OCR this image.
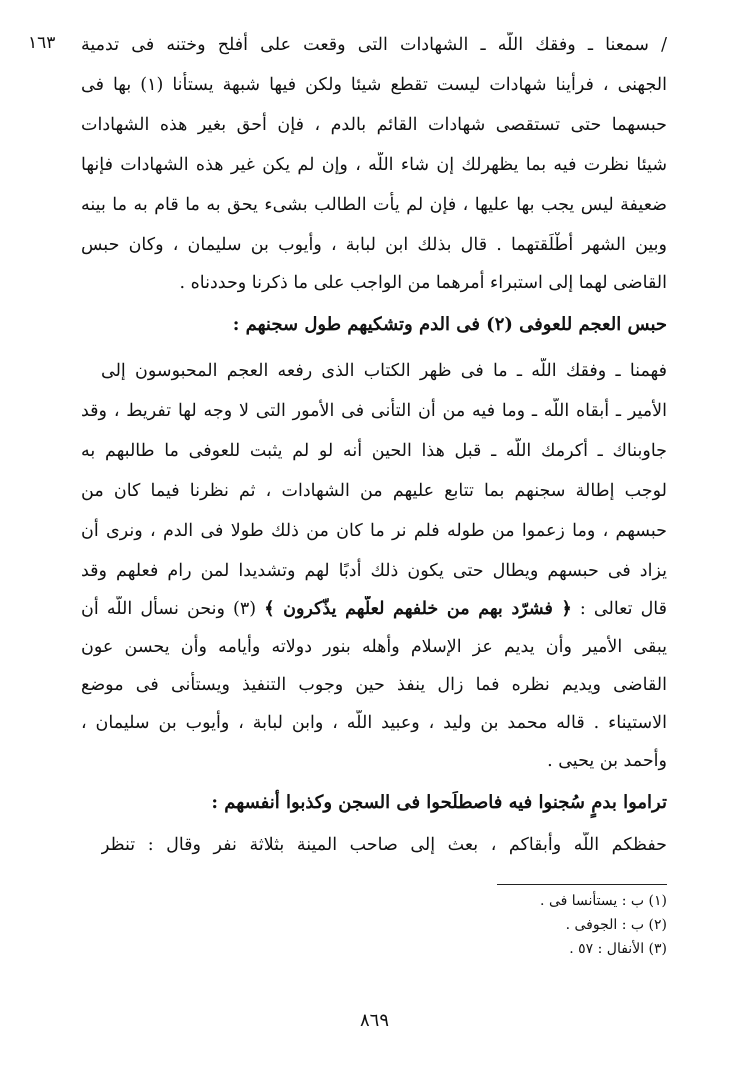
١٦٣ / سمعنا ـ وفقك اللّه ـ الشهادات التى وقعت على أفلح وختنه فى تدمية
الجهنى ، فرأينا شهادات ليست تقطع شيئا ولكن فيها شبهة يستأنا (١) بها فى
حبسهما حتى تستقصى شهادات القائم بالدم ، فإن أحق بغير هذه الشهادات
شيئا نظرت فيه بما يظهرلك إن شاء اللّه ، وإن لم يكن غير هذه الشهادات فإنها
ضعيفة ليس يجب بها عليها ، فإن لم يأت الطالب بشىء يحق به ما قام به ما بينه
وبين الشهر أطْلَقتهما . قال بذلك ابن لبابة ، وأيوب بن سليمان ، وكان حبس
القاضى لهما إلى استبراء أمرهما من الواجب على ما ذكرنا وحددناه .
حبس العجم للعوفى (٢) فى الدم وتشكيهم طول سجنهم :
فهمنا ـ وفقك اللّه ـ ما فى ظهر الكتاب الذى رفعه العجم المحبوسون إلى
الأمير ـ أبقاه اللّه ـ وما فيه من أن التأنى فى الأمور التى لا وجه لها تفريط ، وقد
جاوبناك ـ أكرمك اللّه ـ قبل هذا الحين أنه لو لم يثبت للعوفى ما طالبهم به
لوجب إطالة سجنهم بما تتابع عليهم من الشهادات ، ثم نظرنا فيما كان من
حبسهم ، وما زعموا من طوله فلم نر ما كان من ذلك طولا فى الدم ، ونرى أن
يزاد فى حبسهم ويطال حتى يكون ذلك أدبًا لهم وتشديدا لمن رام فعلهم وقد
قال تعالى : ﴿ فشرّد بهم من خلفهم لعلّهم يذّكرون ﴾ (٣) ونحن نسأل اللّه أن
يبقى الأمير وأن يديم عز الإسلام وأهله بنور دولاته وأيامه وأن يحسن عون
القاضى ويديم نظره فما زال ينفذ حين وجوب التنفيذ ويستأنى فى موضع
الاستيناء . قاله محمد بن وليد ، وعبيد اللّه ، وابن لبابة ، وأيوب بن سليمان ،
وأحمد بن يحيى .
تراموا بدمٍ سُجنوا فيه فاصطلَحوا فى السجن وكذبوا أنفسهم :
حفظكم اللّه وأبقاكم ، بعث إلى صاحب المينة بثلاثة نفر وقال : تنظر
(١) ب : يستأنسا فى .
(٢) ب : الجوفى .
(٣) الأنفال : ٥٧ .
٨٦٩
